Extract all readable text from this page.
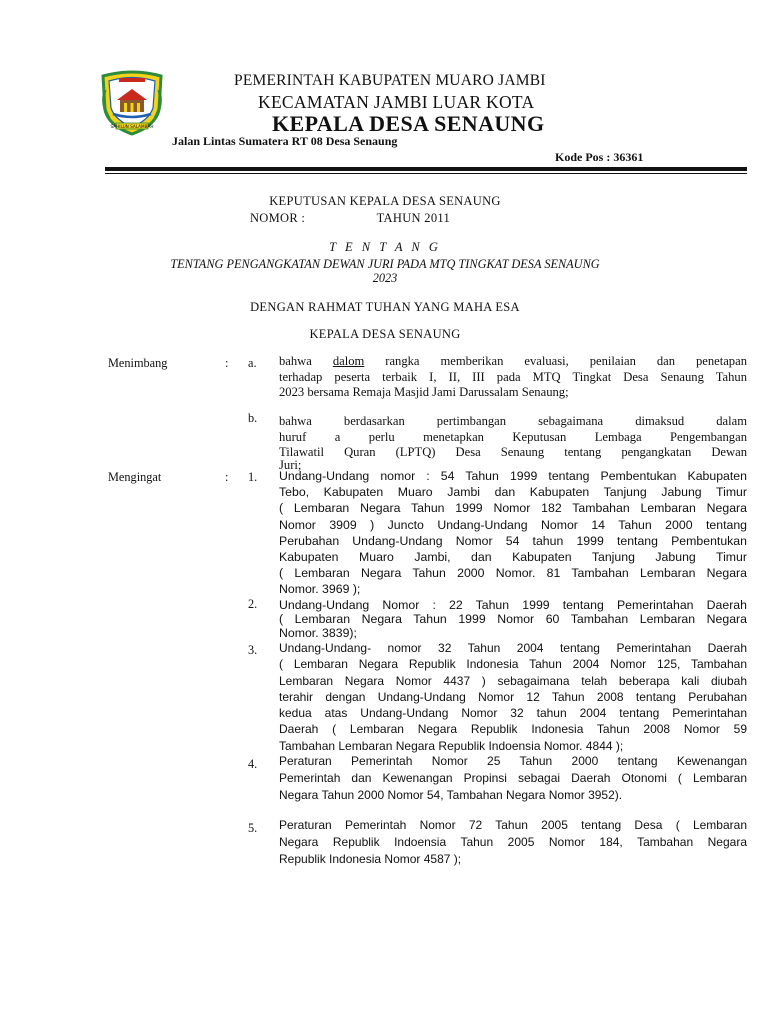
SAHILUN SALAMBAH
PEMERINTAH KABUPATEN MUARO JAMBI
KECAMATAN JAMBI LUAR KOTA
KEPALA DESA SENAUNG
Jalan Lintas Sumatera RT 08 Desa Senaung
Kode Pos : 36361
KEPUTUSAN KEPALA DESA SENAUNG
NOMOR :	TAHUN 2011
T E N T A N G
TENTANG PENGANGKATAN DEWAN JURI PADA MTQ TINGKAT DESA SENAUNG
2023
DENGAN RAHMAT TUHAN YANG MAHA ESA
KEPALA DESA SENAUNG
Menimbang	: a. bahwa dalom rangka memberikan evaluasi, penilaian dan penetapan
terhadap peserta terbaik I, II, III pada MTQ Tingkat Desa Senaung Tahun
2023 bersama Remaja Masjid Jami Darussalam Senaung;
b. bahwa berdasarkan pertimbangan sebagaimana dimaksud dalam
huruf a perlu menetapkan Keputusan Lembaga Pengembangan
Tilawatil Quran (LPTQ) Desa Senaung tentang pengangkatan Dewan
Juri;
Mengingat	: 1. Undang-Undang nomor : 54 Tahun 1999 tentang Pembentukan Kabupaten
Tebo, Kabupaten Muaro Jambi dan Kabupaten Tanjung Jabung Timur
( Lembaran Negara Tahun 1999 Nomor 182 Tambahan Lembaran Negara
Nomor 3909 ) Juncto Undang-Undang Nomor 14 Tahun 2000 tentang
Perubahan Undang-Undang Nomor 54 tahun 1999 tentang Pembentukan
Kabupaten Muaro Jambi, dan Kabupaten Tanjung Jabung Timur
( Lembaran Negara Tahun 2000 Nomor. 81 Tambahan Lembaran Negara
Nomor. 3969 );
2. Undang-Undang Nomor : 22 Tahun 1999 tentang Pemerintahan Daerah
( Lembaran Negara Tahun 1999 Nomor 60 Tambahan Lembaran Negara
Nomor. 3839);
3. Undang-Undang- nomor 32 Tahun 2004 tentang Pemerintahan Daerah
( Lembaran Negara Republik Indonesia Tahun 2004 Nomor 125, Tambahan
Lembaran Negara Nomor 4437 ) sebagaimana telah beberapa kali diubah
terahir dengan Undang-Undang Nomor 12 Tahun 2008 tentang Perubahan
kedua atas Undang-Undang Nomor 32 tahun 2004 tentang Pemerintahan
Daerah ( Lembaran Negara Republik Indonesia Tahun 2008 Nomor 59
Tambahan Lembaran Negara Republik Indoensia Nomor. 4844 );
4. Peraturan Pemerintah Nomor 25 Tahun 2000 tentang Kewenangan
Pemerintah dan Kewenangan Propinsi sebagai Daerah Otonomi ( Lembaran
Negara Tahun 2000 Nomor 54, Tambahan Negara Nomor 3952).
5. Peraturan Pemerintah Nomor 72 Tahun 2005 tentang Desa ( Lembaran
Negara Republik Indoensia Tahun 2005 Nomor 184, Tambahan Negara
Republik Indonesia Nomor 4587 );
